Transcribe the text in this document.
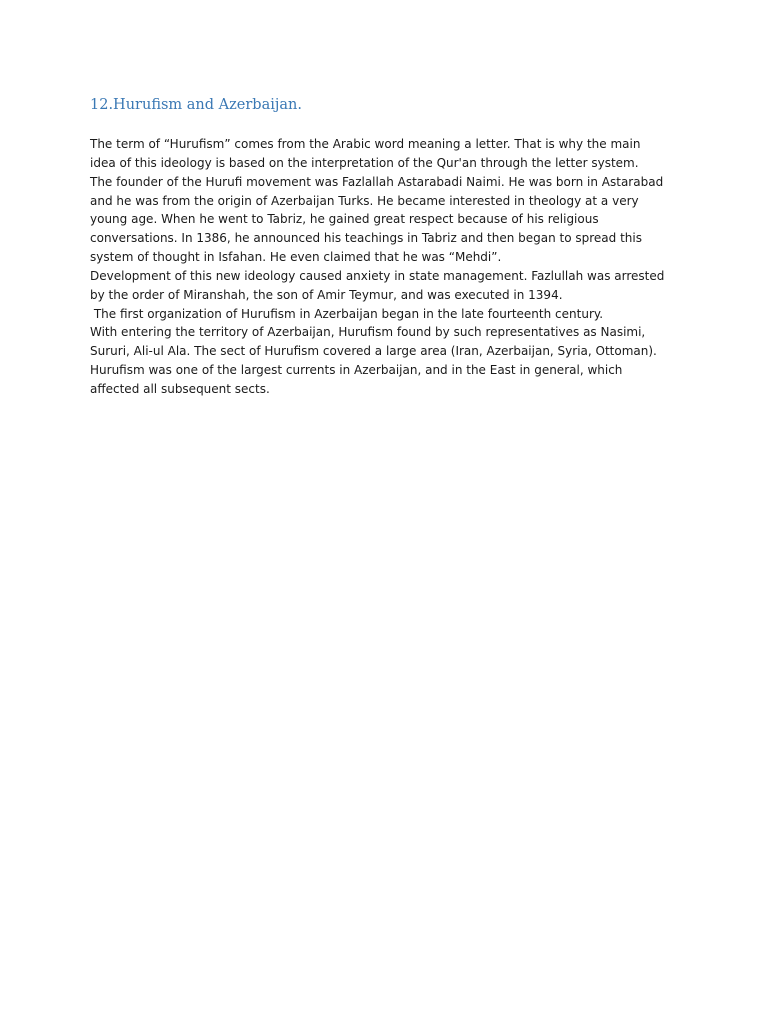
12.Hurufism and Azerbaijan.
The term of “Hurufism” comes from the Arabic word meaning a letter. That is why the main
idea of this ideology is based on the interpretation of the Qur'an through the letter system.
The founder of the Hurufi movement was Fazlallah Astarabadi Naimi. He was born in Astarabad
and he was from the origin of Azerbaijan Turks. He became interested in theology at a very
young age. When he went to Tabriz, he gained great respect because of his religious
conversations. In 1386, he announced his teachings in Tabriz and then began to spread this
system of thought in Isfahan. He even claimed that he was “Mehdi”.
Development of this new ideology caused anxiety in state management. Fazlullah was arrested
by the order of Miranshah, the son of Amir Teymur, and was executed in 1394.
The first organization of Hurufism in Azerbaijan began in the late fourteenth century.
With entering the territory of Azerbaijan, Hurufism found by such representatives as Nasimi,
Sururi, Ali-ul Ala. The sect of Hurufism covered a large area (Iran, Azerbaijan, Syria, Ottoman).
Hurufism was one of the largest currents in Azerbaijan, and in the East in general, which
affected all subsequent sects.
